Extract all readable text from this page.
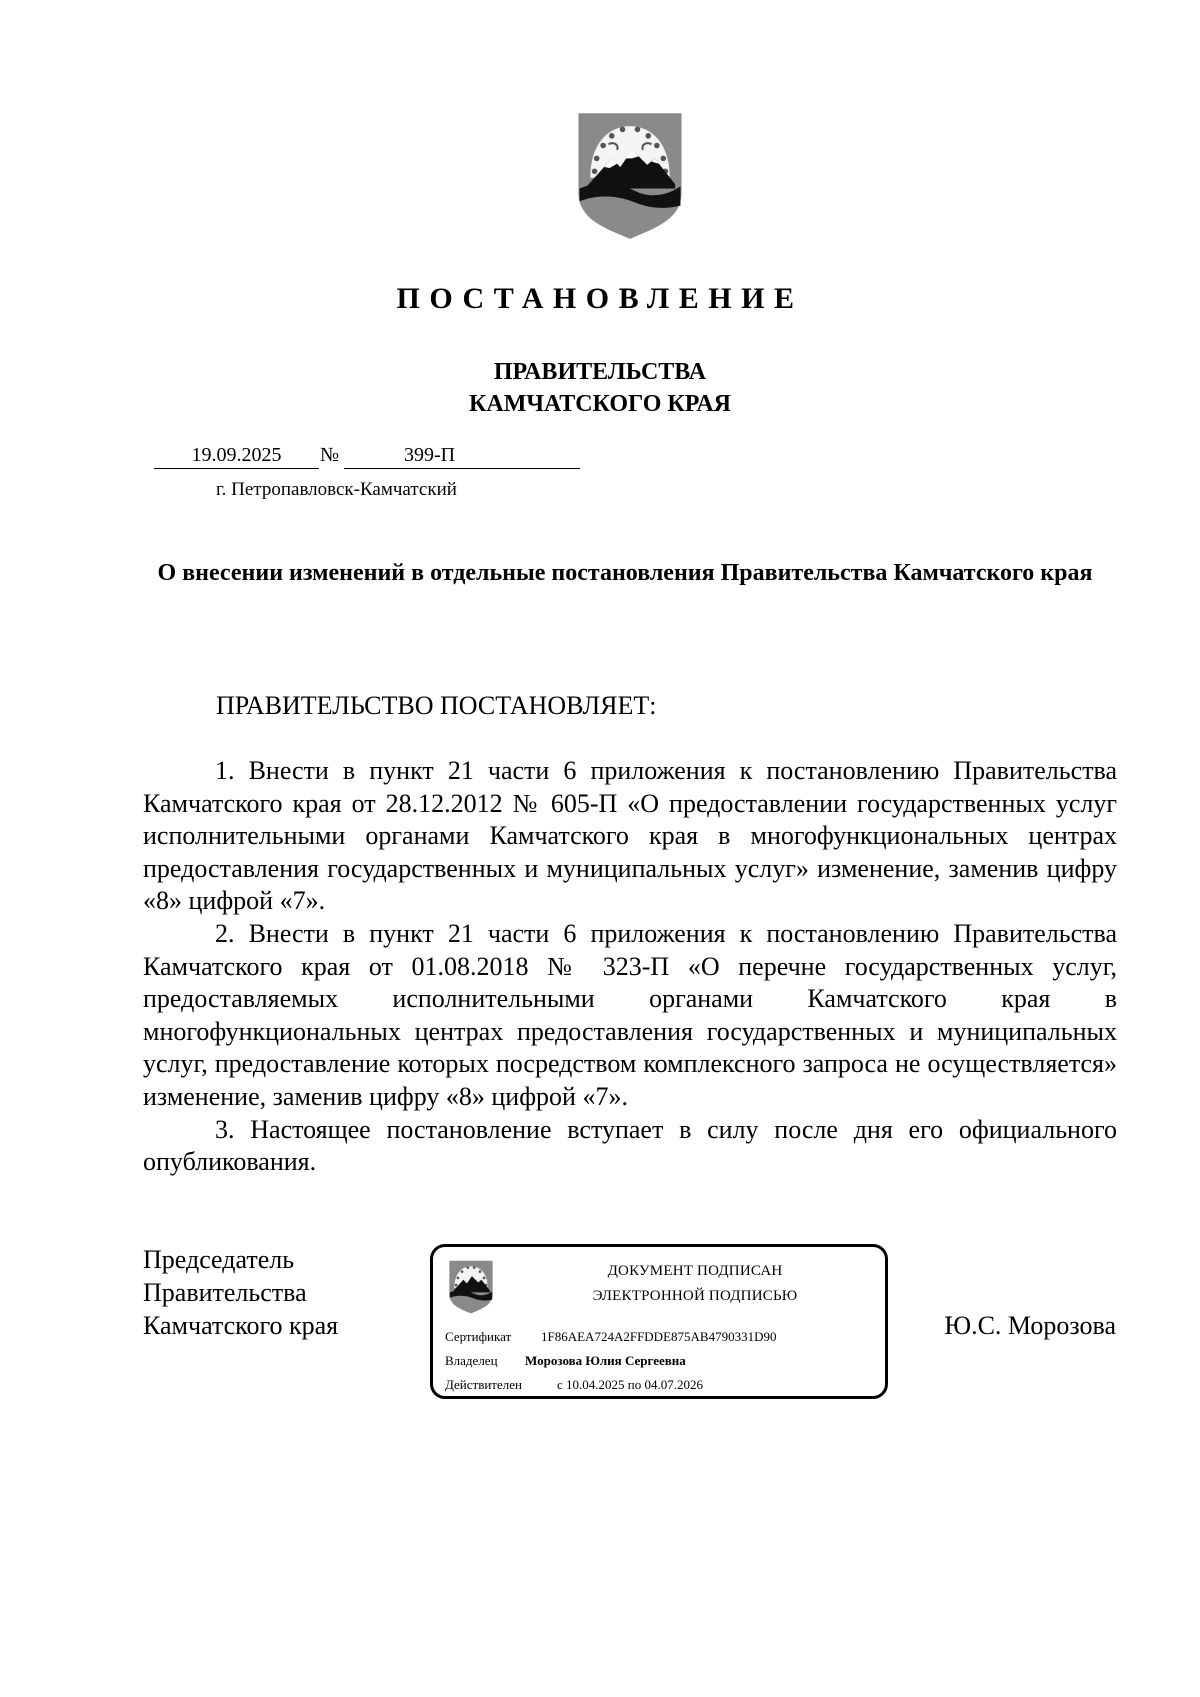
ПОСТАНОВЛЕНИЕ
ПРАВИТЕЛЬСТВА
КАМЧАТСКОГО КРАЯ
19.09.2025	№	399-П
г. Петропавловск-Камчатский
О внесении изменений в отдельные постановления Правительства Камчатского края
ПРАВИТЕЛЬСТВО ПОСТАНОВЛЯЕТ:

1. Внести в пункт 21 части 6 приложения к постановлению Правительства Камчатского края от 28.12.2012 № 605-П «О предоставлении государственных услуг исполнительными органами Камчатского края в многофункциональных центрах предоставления государственных и муниципальных услуг» изменение, заменив цифру «8» цифрой «7».

2. Внести в пункт 21 части 6 приложения к постановлению Правительства Камчатского края от 01.08.2018 № 323-П «О перечне государственных услуг, предоставляемых исполнительными органами Камчатского края в многофункциональных центрах предоставления государственных и муниципальных услуг, предоставление которых посредством комплексного запроса не осуществляется» изменение, заменив цифру «8» цифрой «7».

3. Настоящее постановление вступает в силу после дня его официального опубликования.

Председатель
Правительства
Камчатского края
ДОКУМЕНТ ПОДПИСАН
ЭЛЕКТРОННОЙ ПОДПИСЬЮ
Сертификат 1F86AEA724A2FFDDE875AB4790331D90
Владелец Морозова Юлия Сергеевна
Действителен	с 10.04.2025 по 04.07.2026
Ю.С. Морозова
